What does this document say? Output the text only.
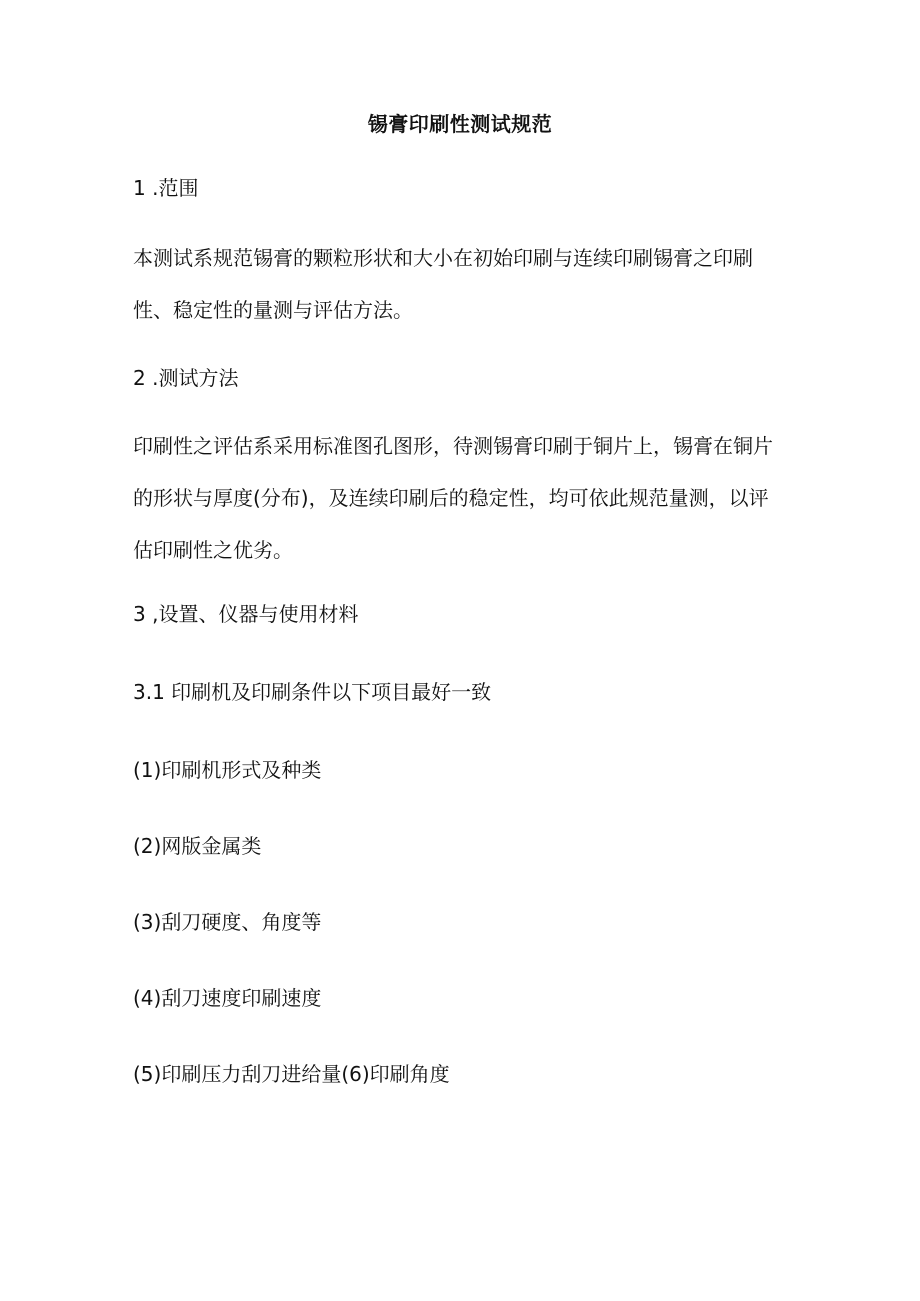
锡膏印刷性测试规范
1 .范围
本测试系规范锡膏的颗粒形状和大小在初始印刷与连续印刷锡膏之印刷
性、稳定性的量测与评估方法。
2 .测试方法
印刷性之评估系采用标准图孔图形，待测锡膏印刷于铜片上，锡膏在铜片
的形状与厚度(分布)，及连续印刷后的稳定性，均可依此规范量测，以评
估印刷性之优劣。
3 ,设置、仪器与使用材料
3.1 印刷机及印刷条件以下项目最好一致
(1)印刷机形式及种类
(2)网版金属类
(3)刮刀硬度、角度等
(4)刮刀速度印刷速度
(5)印刷压力刮刀进给量(6)印刷角度
